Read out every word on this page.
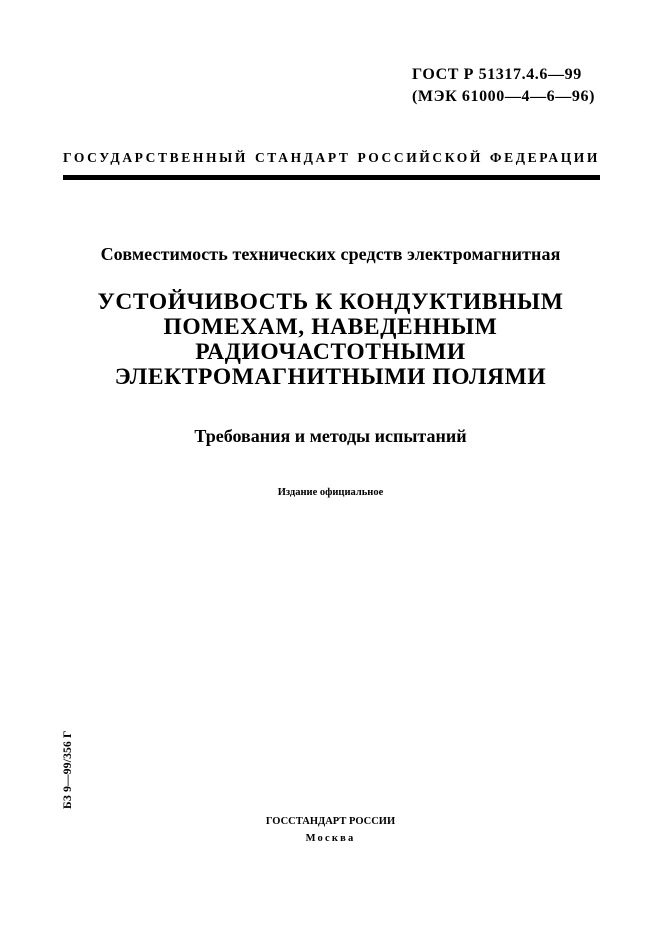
ГОСТ Р 51317.4.6—99
(МЭК 61000—4—6—96)
ГОСУДАРСТВЕННЫЙ СТАНДАРТ РОССИЙСКОЙ ФЕДЕРАЦИИ
Совместимость технических средств электромагнитная
УСТОЙЧИВОСТЬ К КОНДУКТИВНЫМ
ПОМЕХАМ, НАВЕДЕННЫМ
РАДИОЧАСТОТНЫМИ
ЭЛЕКТРОМАГНИТНЫМИ ПОЛЯМИ
Требования и методы испытаний
Издание официальное
БЗ 9—99/356 Г
ГОССТАНДАРТ РОССИИ
Москва
